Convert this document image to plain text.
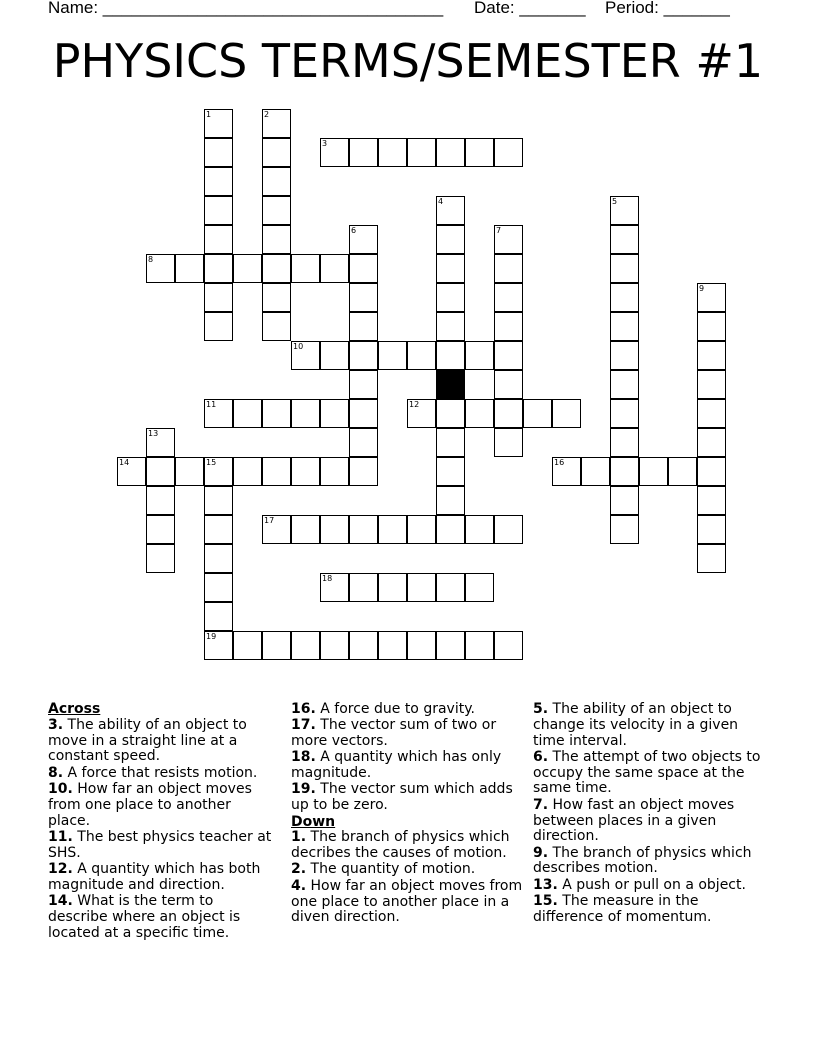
Name: ____________________________________ Date: _______ Period: _______
PHYSICS TERMS/SEMESTER #1
1	2
3
4	5
6	7
8
9
10
11	12
13
14	15
19
16
17
18
Across
3. The ability of an object to move in a straight line at a constant speed.
8. A force that resists motion.
10. How far an object moves from one place to another place.
11. The best physics teacher at SHS.
12. A quantity which has both magnitude and direction.
14. What is the term to describe where an object is located at a specific time.
16. A force due to gravity.
17. The vector sum of two or more vectors.
18. A quantity which has only magnitude.
19. The vector sum which adds up to be zero.
Down
1. The branch of physics which decribes the causes of motion.
2. The quantity of motion.
4. How far an object moves from one place to another place in a diven direction.
5. The ability of an object to change its velocity in a given time interval.
6. The attempt of two objects to occupy the same space at the same time.
7. How fast an object moves between places in a given direction.
9. The branch of physics which describes motion.
13. A push or pull on a object.
15. The measure in the difference of momentum.
